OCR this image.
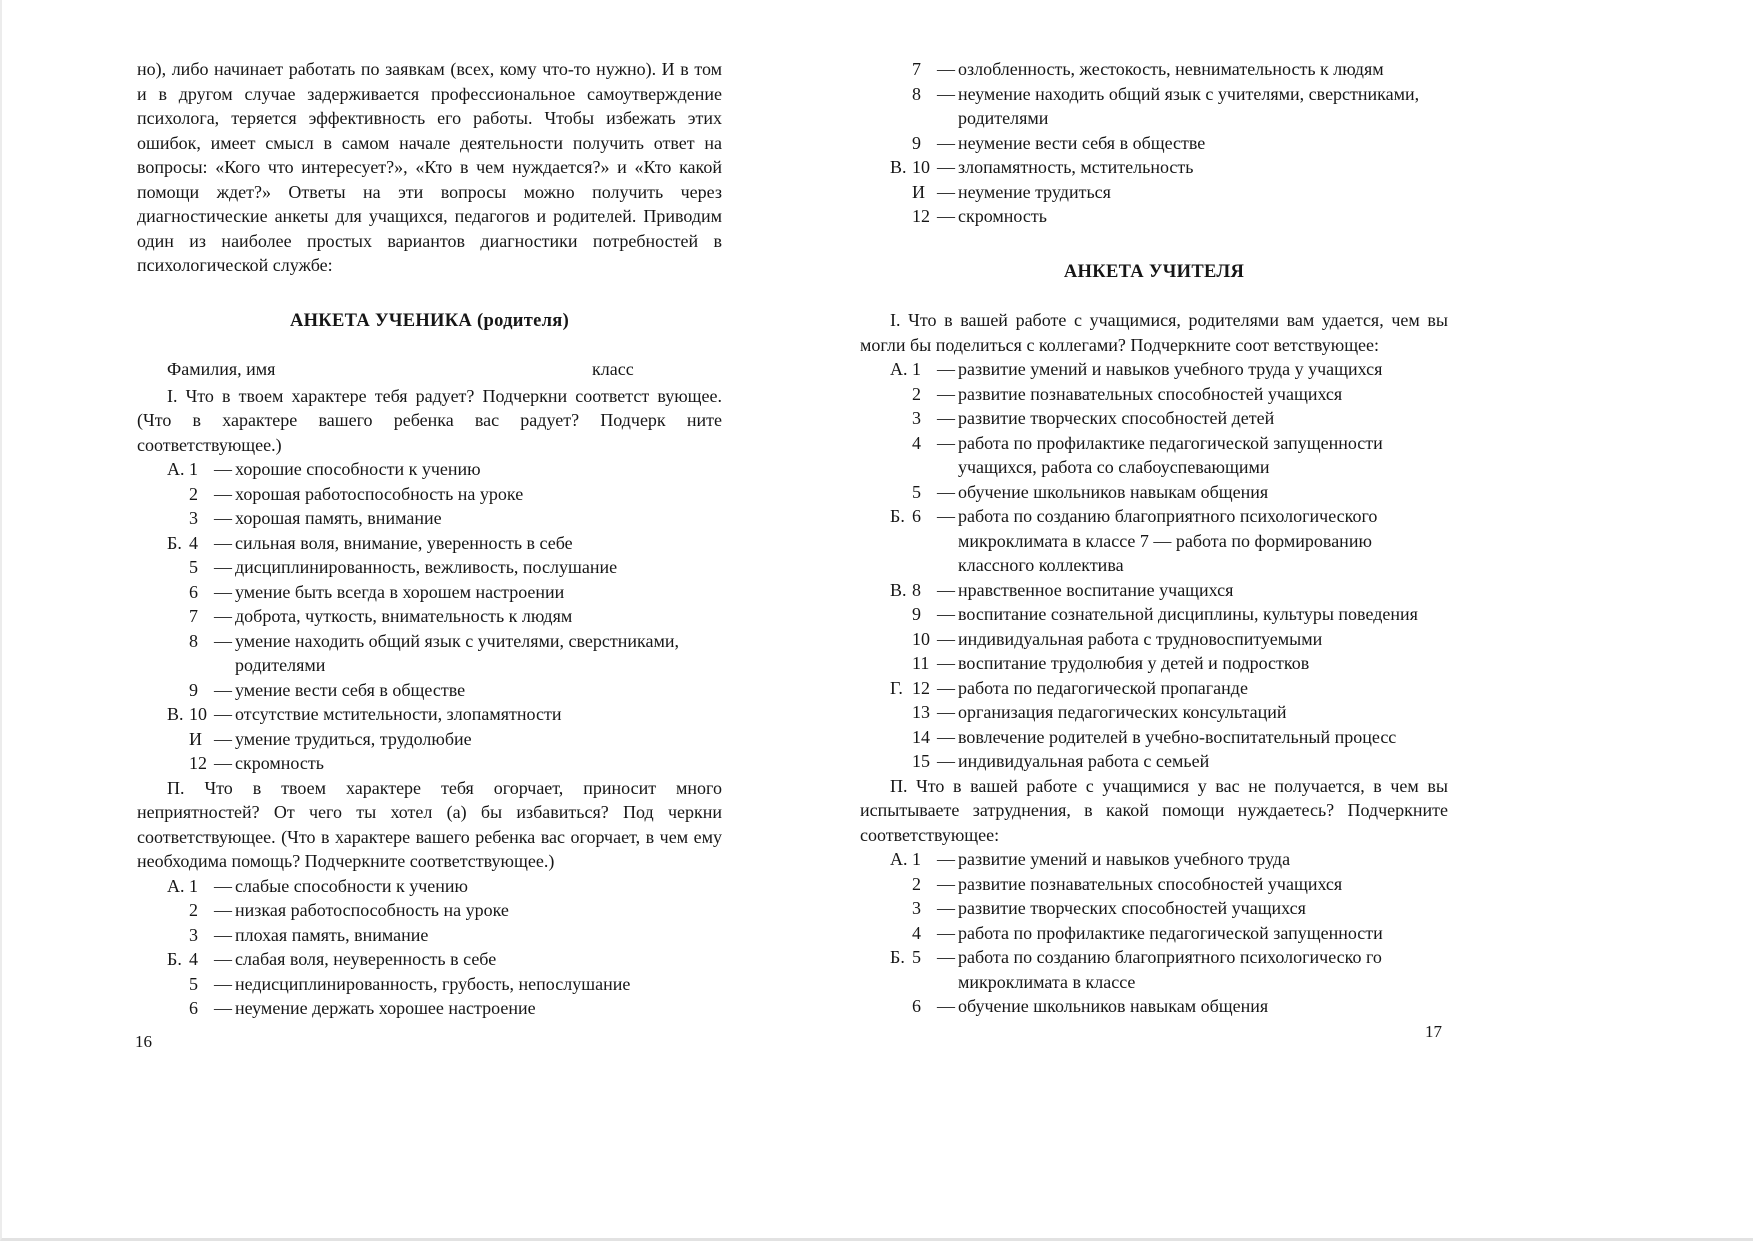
но), либо начинает работать по заявкам (всех, кому что-то нужно). И в том и в другом случае задерживается профессиональное самоутверждение психолога, теряется эффективность его работы. Чтобы избежать этих ошибок, имеет смысл в самом начале деятельности получить ответ на вопросы: «Кого что интересует?», «Кто в чем нуждается?» и «Кто какой помощи ждет?» Ответы на эти вопросы можно получить через диагностические анкеты для учащихся, педагогов и родителей. Приводим один из наиболее простых вариантов диагностики потребностей в психологической службе:

АНКЕТА УЧЕНИКА (родителя)
Фамилия, имя	класс

I. Что в твоем характере тебя радует? Подчеркни соответст вующее. (Что в характере вашего ребенка вас радует? Подчерк ните соответствующее.)

А. 1 — хорошие способности к учению
2 — хорошая работоспособность на уроке
3 — хорошая память, внимание
Б. 4 — сильная воля, внимание, уверенность в себе
5 — дисциплинированность, вежливость, послушание
6 — умение быть всегда в хорошем настроении
7 — доброта, чуткость, внимательность к людям
8 — умение находить общий язык с учителями, сверстниками, родителями
9 — умение вести себя в обществе
В. 10 — отсутствие мстительности, злопамятности
И — умение трудиться, трудолюбие
12 — скромность

П. Что в твоем характере тебя огорчает, приносит много неприятностей? От чего ты хотел (а) бы избавиться? Под черкни соответствующее. (Что в характере вашего ребенка вас огорчает, в чем ему необходима помощь? Подчеркните соответствующее.)

А. 1 — слабые способности к учению
2 — низкая работоспособность на уроке
3 — плохая память, внимание
Б. 4 — слабая воля, неуверенность в себе
5 — недисциплинированность, грубость, непослушание
6 — неумение держать хорошее настроение
7 — озлобленность, жестокость, невнимательность к людям
8 — неумение находить общий язык с учителями, сверстниками, родителями
9 — неумение вести себя в обществе
В. 10 — злопамятность, мстительность
И — неумение трудиться
12 — скромность
АНКЕТА УЧИТЕЛЯ

I. Что в вашей работе с учащимися, родителями вам удается, чем вы могли бы поделиться с коллегами? Подчеркните соот ветствующее:

А. 1 — развитие умений и навыков учебного труда у учащихся
2 — развитие познавательных способностей учащихся
3 — развитие творческих способностей детей
4 — работа по профилактике педагогической запущенности учащихся, работа со слабоуспевающими
5 — обучение школьников навыкам общения
Б. 6 — работа по созданию благоприятного психологического микроклимата в классе 7 — работа по формированию классного коллектива
В. 8 — нравственное воспитание учащихся
9 — воспитание сознательной дисциплины, культуры поведения
10 — индивидуальная работа с трудновоспитуемыми
11 — воспитание трудолюбия у детей и подростков
Г. 12 — работа по педагогической пропаганде
13 — организация педагогических консультаций
14 — вовлечение родителей в учебно-воспитательный процесс
15 — индивидуальная работа с семьей

П. Что в вашей работе с учащимися у вас не получается, в чем вы испытываете затруднения, в какой помощи нуждаетесь? Подчеркните соответствующее:

А. 1 — развитие умений и навыков учебного труда
2 — развитие познавательных способностей учащихся
3 — развитие творческих способностей учащихся
4 — работа по профилактике педагогической запущенности
Б. 5 — работа по созданию благоприятного психологическо го микроклимата в классе
6 — обучение школьников навыкам общения
16
17
